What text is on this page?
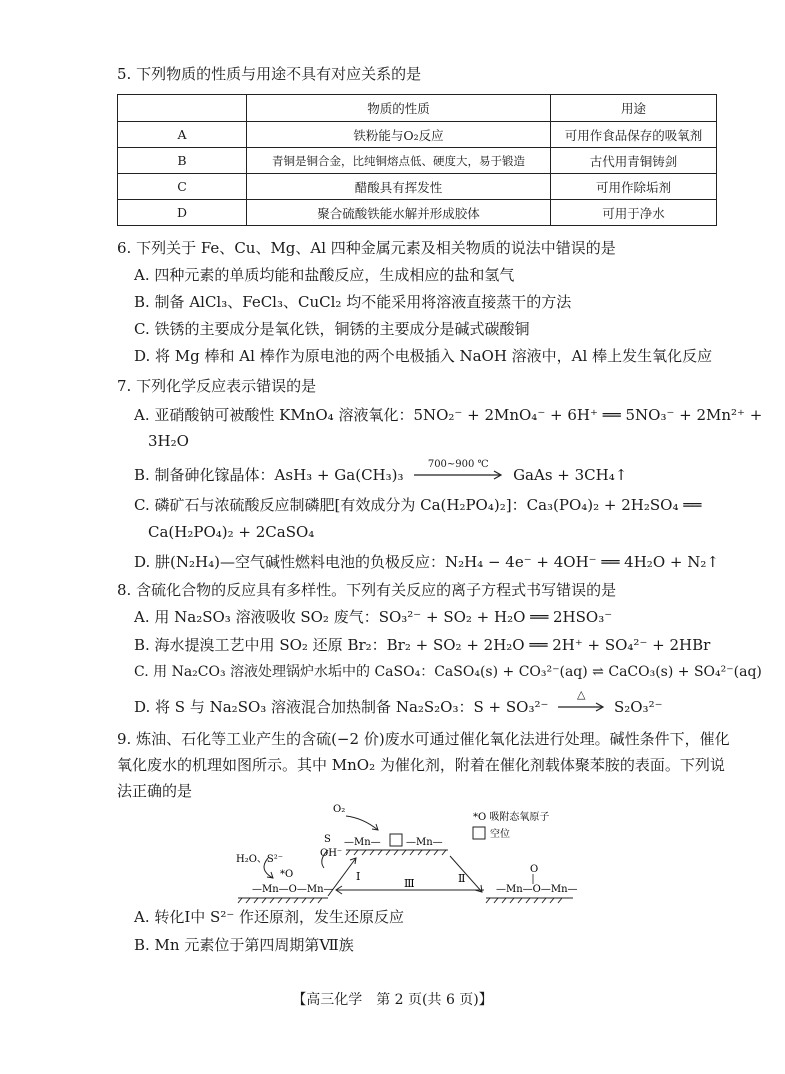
5. 下列物质的性质与用途不具有对应关系的是
	物质的性质	用途
A	铁粉能与O₂反应	可用作食品保存的吸氧剂
B	青铜是铜合金，比纯铜熔点低、硬度大，易于锻造	古代用青铜铸剑
C	醋酸具有挥发性	可用作除垢剂
D	聚合硫酸铁能水解并形成胶体	可用于净水
6. 下列关于 Fe、Cu、Mg、Al 四种金属元素及相关物质的说法中错误的是
A. 四种元素的单质均能和盐酸反应，生成相应的盐和氢气
B. 制备 AlCl₃、FeCl₃、CuCl₂ 均不能采用将溶液直接蒸干的方法
C. 铁锈的主要成分是氧化铁，铜锈的主要成分是碱式碳酸铜
D. 将 Mg 棒和 Al 棒作为原电池的两个电极插入 NaOH 溶液中，Al 棒上发生氧化反应
7. 下列化学反应表示错误的是
A. 亚硝酸钠可被酸性 KMnO₄ 溶液氧化：5NO₂⁻ + 2MnO₄⁻ + 6H⁺ ══ 5NO₃⁻ + 2Mn²⁺ +
3H₂O
B. 制备砷化镓晶体：AsH₃ + Ga(CH₃)₃
700~900 ℃
GaAs + 3CH₄↑
C. 磷矿石与浓硫酸反应制磷肥[有效成分为 Ca(H₂PO₄)₂]：Ca₃(PO₄)₂ + 2H₂SO₄ ══
Ca(H₂PO₄)₂ + 2CaSO₄
D. 肼(N₂H₄)—空气碱性燃料电池的负极反应：N₂H₄ − 4e⁻ + 4OH⁻ ══ 4H₂O + N₂↑
8. 含硫化合物的反应具有多样性。下列有关反应的离子方程式书写错误的是
A. 用 Na₂SO₃ 溶液吸收 SO₂ 废气：SO₃²⁻ + SO₂ + H₂O ══ 2HSO₃⁻
B. 海水提溴工艺中用 SO₂ 还原 Br₂：Br₂ + SO₂ + 2H₂O ══ 2H⁺ + SO₄²⁻ + 2HBr
C. 用 Na₂CO₃ 溶液处理锅炉水垢中的 CaSO₄：CaSO₄(s) + CO₃²⁻(aq) ⇌ CaCO₃(s) + SO₄²⁻(aq)
D. 将 S 与 Na₂SO₃ 溶液混合加热制备 Na₂S₂O₃：S + SO₃²⁻
△
S₂O₃²⁻
9. 炼油、石化等工业产生的含硫(−2 价)废水可通过催化氧化法进行处理。碱性条件下，催化
氧化废水的机理如图所示。其中 MnO₂ 为催化剂，附着在催化剂载体聚苯胺的表面。下列说
法正确的是
—Mn—O—Mn—
—Mn—	—Mn—
—Mn—O—Mn—
O
O₂
S
OH⁻
H₂O、S²⁻
*O
*O 吸附态氧原子
空位
Ⅰ	Ⅱ
Ⅲ
A. 转化Ⅰ中 S²⁻ 作还原剂，发生还原反应
B. Mn 元素位于第四周期第Ⅶ族
【高三化学　第 2 页(共 6 页)】
